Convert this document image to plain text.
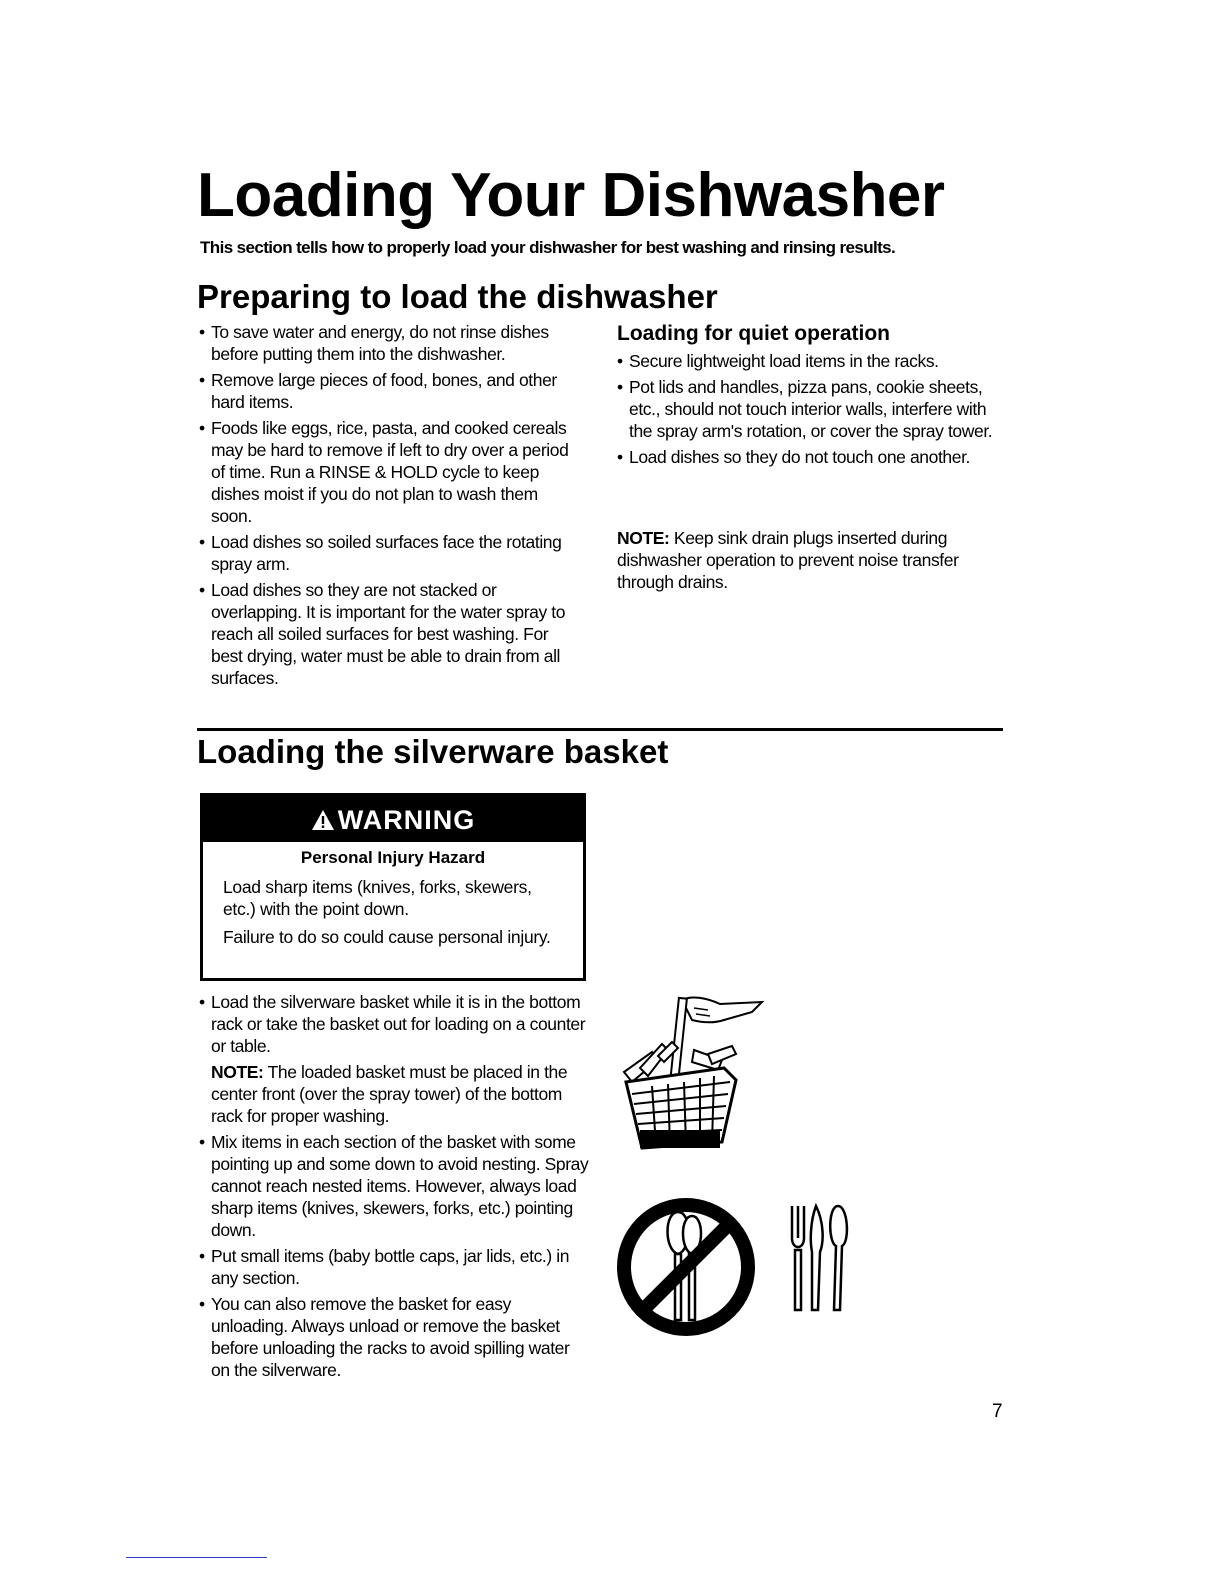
Loading Your Dishwasher
This section tells how to properly load your dishwasher for best washing and rinsing results.
Preparing to load the dishwasher
• To save water and energy, do not rinse dishes before putting them into the dishwasher.
• Remove large pieces of food, bones, and other hard items.
• Foods like eggs, rice, pasta, and cooked cereals may be hard to remove if left to dry over a period of time. Run a RINSE & HOLD cycle to keep dishes moist if you do not plan to wash them soon.
• Load dishes so soiled surfaces face the rotating spray arm.
• Load dishes so they are not stacked or overlapping. It is important for the water spray to reach all soiled surfaces for best washing. For best drying, water must be able to drain from all surfaces.
Loading for quiet operation
• Secure lightweight load items in the racks.
• Pot lids and handles, pizza pans, cookie sheets, etc., should not touch interior walls, interfere with the spray arm's rotation, or cover the spray tower.
• Load dishes so they do not touch one another.
NOTE: Keep sink drain plugs inserted during dishwasher operation to prevent noise transfer through drains.
Loading the silverware basket
WARNING
Personal Injury Hazard
Load sharp items (knives, forks, skewers, etc.) with the point down.
Failure to do so could cause personal injury.
• Load the silverware basket while it is in the bottom rack or take the basket out for loading on a counter or table.
NOTE: The loaded basket must be placed in the center front (over the spray tower) of the bottom rack for proper washing.
• Mix items in each section of the basket with some pointing up and some down to avoid nesting. Spray cannot reach nested items. However, always load sharp items (knives, skewers, forks, etc.) pointing down.
• Put small items (baby bottle caps, jar lids, etc.) in any section.
• You can also remove the basket for easy unloading. Always unload or remove the basket before unloading the racks to avoid spilling water on the silverware.
7
